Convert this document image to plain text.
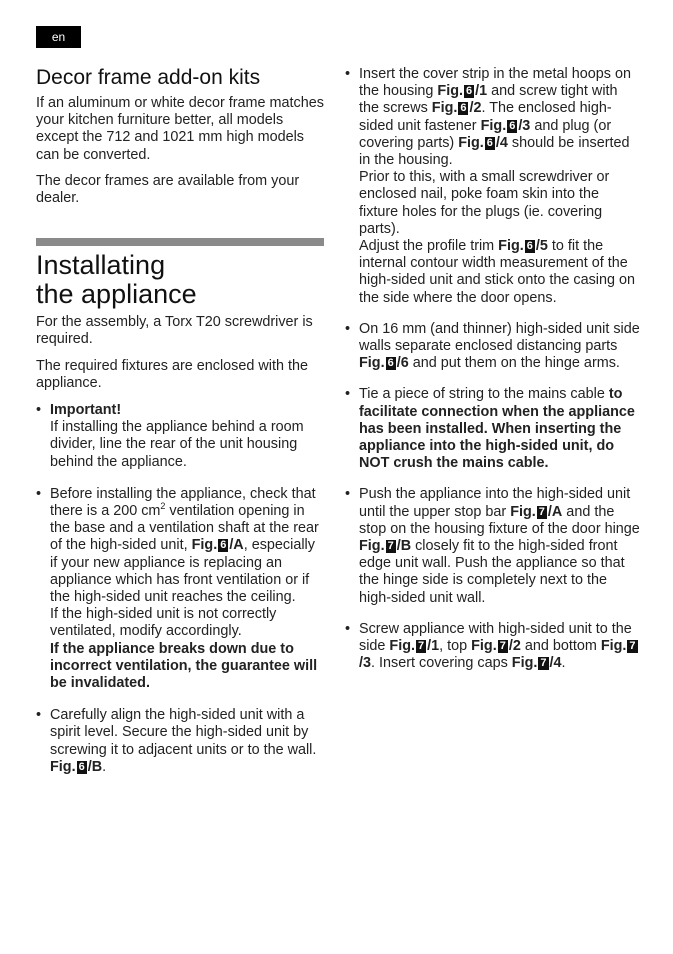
en
Decor frame add-on kits

If an aluminum or white decor frame matches your kitchen furniture better, all models except the 712 and 1021 mm high models can be converted.

The decor frames are available from your dealer.

Installating
the appliance

For the assembly, a Torx T20 screwdriver is required.

The required fixtures are enclosed with the appliance.

• Important!
If installing the appliance behind a room divider, line the rear of the unit housing behind the appliance.
• Before installing the appliance, check that there is a 200 $cm^2$ ventilation opening in the base and a ventilation shaft at the rear of the high-sided unit, Fig. 6 /A, especially if your new appliance is replacing an appliance which has front ventilation or if the high-sided unit reaches the ceiling.
If the high-sided unit is not correctly ventilated, modify accordingly.
If the appliance breaks down due to incorrect ventilation, the guarantee will be invalidated.
• Carefully align the high-sided unit with a spirit level. Secure the high-sided unit by screwing it to adjacent units or to the wall. Fig. 6 /B.
• Insert the cover strip in the metal hoops on the housing Fig. 6 /1 and screw tight with the screws Fig. 6 /2. The enclosed high-sided unit fastener Fig. 6 /3 and plug (or covering parts) Fig. 6 /4 should be inserted in the housing.
Prior to this, with a small screwdriver or enclosed nail, poke foam skin into the fixture holes for the plugs (ie. covering parts).
Adjust the profile trim Fig. 6 /5 to fit the internal contour width measurement of the high-sided unit and stick onto the casing on the side where the door opens.
• On 16 mm (and thinner) high-sided unit side walls separate enclosed distancing parts Fig. 6 /6 and put them on the hinge arms.
• Tie a piece of string to the mains cable to facilitate connection when the appliance has been installed. When inserting the appliance into the high-sided unit, do NOT crush the mains cable.
• Push the appliance into the high-sided unit until the upper stop bar Fig. 7 /A and the stop on the housing fixture of the door hinge Fig. 7 /B closely fit to the high-sided front edge unit wall. Push the appliance so that the hinge side is completely next to the high-sided unit wall.
• Screw appliance with high-sided unit to the side Fig. 7 /1, top Fig. 7 /2 and bottom Fig. 7/3. Insert covering caps Fig. 7 /4.
